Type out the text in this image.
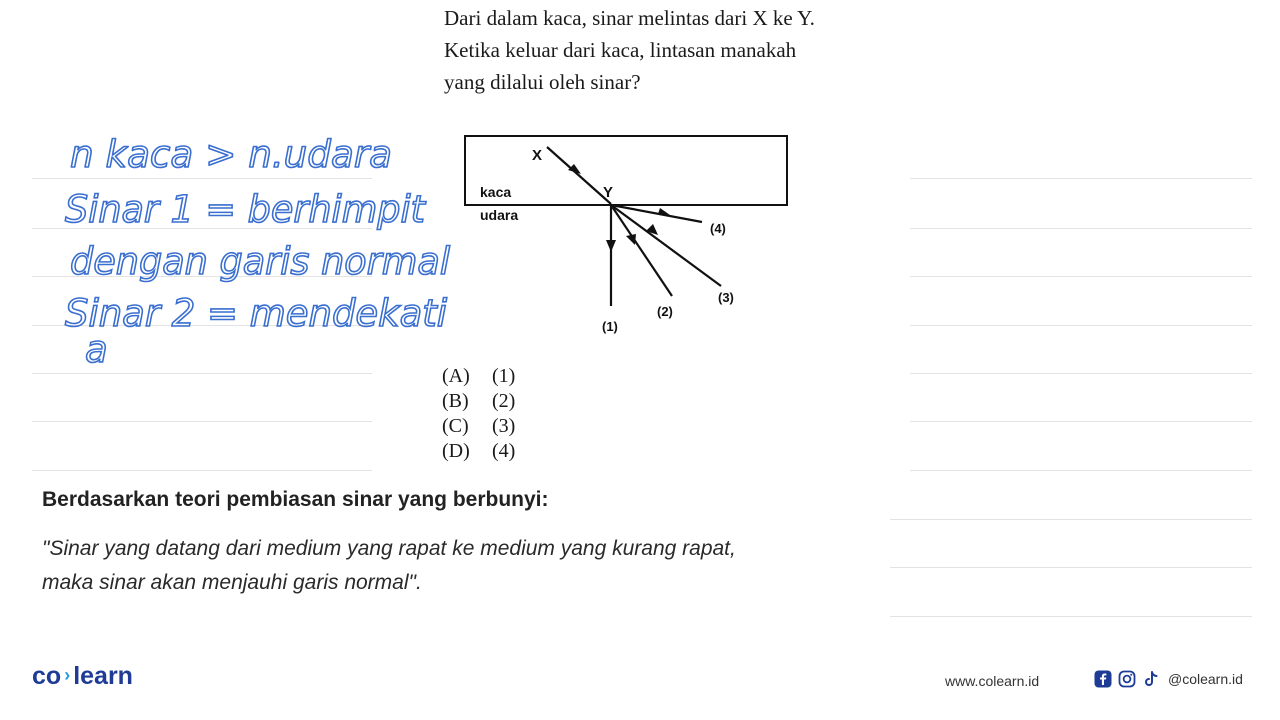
Dari dalam kaca, sinar melintas dari X ke Y.
Ketika keluar dari kaca, lintasan manakah
yang dilalui oleh sinar?
X
Y
kaca
udara
(4)
(3)
(2)
(1)
(A) (1)
(B) (2)
(C) (3)
(D) (4)
n kaca > n.udara
Sinar 1 = berhimpit
dengan garis normal
Sinar 2 = mendekati
a

Berdasarkan teori pembiasan sinar yang berbunyi:

"Sinar yang datang dari medium yang rapat ke medium yang kurang rapat,
maka sinar akan menjauhi garis normal".
co › learn	www.colearn.id	@colearn.id
